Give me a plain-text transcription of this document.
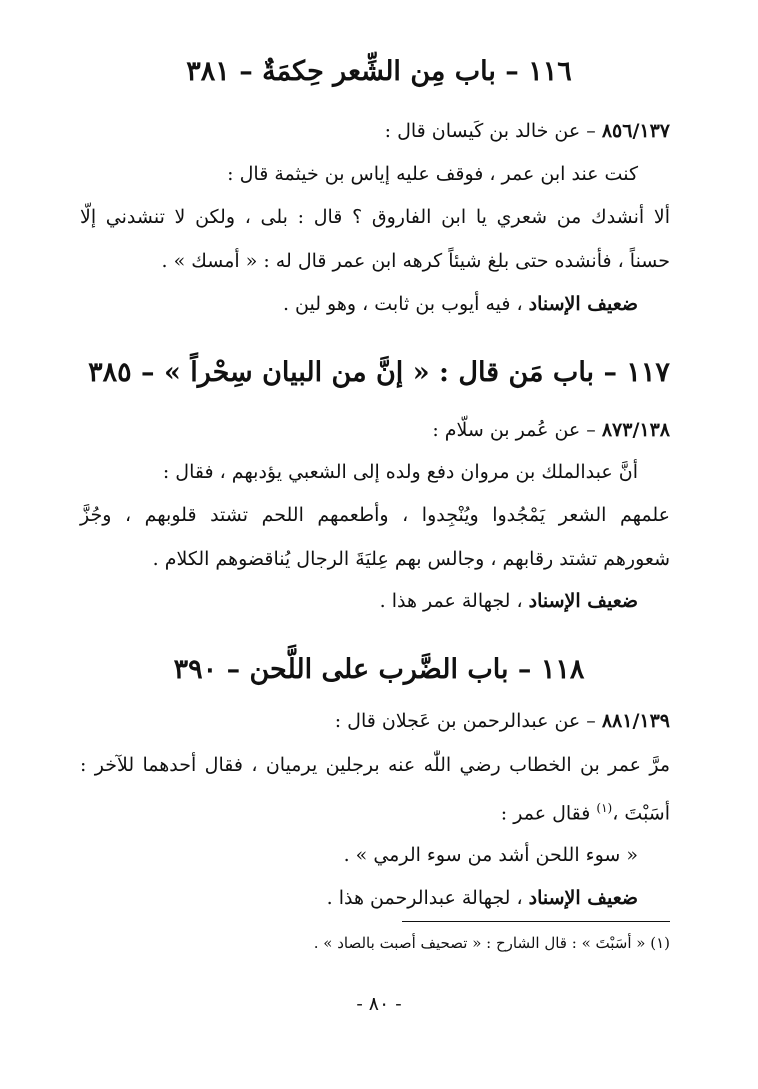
١١٦ – باب مِن الشِّعر حِكمَةٌ – ٣٨١
٨٥٦/١٣٧ – عن خالد بن كَيسان قال :
كنت عند ابن عمر ، فوقف عليه إياس بن خيثمة قال :
ألا أنشدك من شعري يا ابن الفاروق ؟ قال : بلى ، ولكن لا تنشدني إلّا
حسناً ، فأنشده حتى بلغ شيئاً كرهه ابن عمر قال له : « أمسك » .
ضعيف الإسناد ، فيه أيوب بن ثابت ، وهو لين .
١١٧ – باب مَن قال : « إنَّ من البيان سِحْراً » – ٣٨٥
٨٧٣/١٣٨ – عن عُمر بن سلّام :
أنَّ عبدالملك بن مروان دفع ولده إلى الشعبي يؤدبهم ، فقال :
علمهم الشعر يَمْجُدوا ويُنْجِدوا ، وأطعمهم اللحم تشتد قلوبهم ، وجُزَّ
شعورهم تشتد رقابهم ، وجالس بهم عِليَةَ الرجال يُناقضوهم الكلام .
ضعيف الإسناد ، لجهالة عمر هذا .
١١٨ – باب الضَّرب على اللَّحن – ٣٩٠
٨٨١/١٣٩ – عن عبدالرحمن بن عَجلان قال :
مرَّ عمر بن الخطاب رضي اللّٰه عنه برجلين يرميان ، فقال أحدهما للآخر :
أسَبْتَ ،$^{(١)}$ فقال عمر :
« سوء اللحن أشد من سوء الرمي » .
ضعيف الإسناد ، لجهالة عبدالرحمن هذا .
(١) « أسَبْتَ » : قال الشارح : « تصحيف أصبت بالصاد » .
- ٨٠ -
